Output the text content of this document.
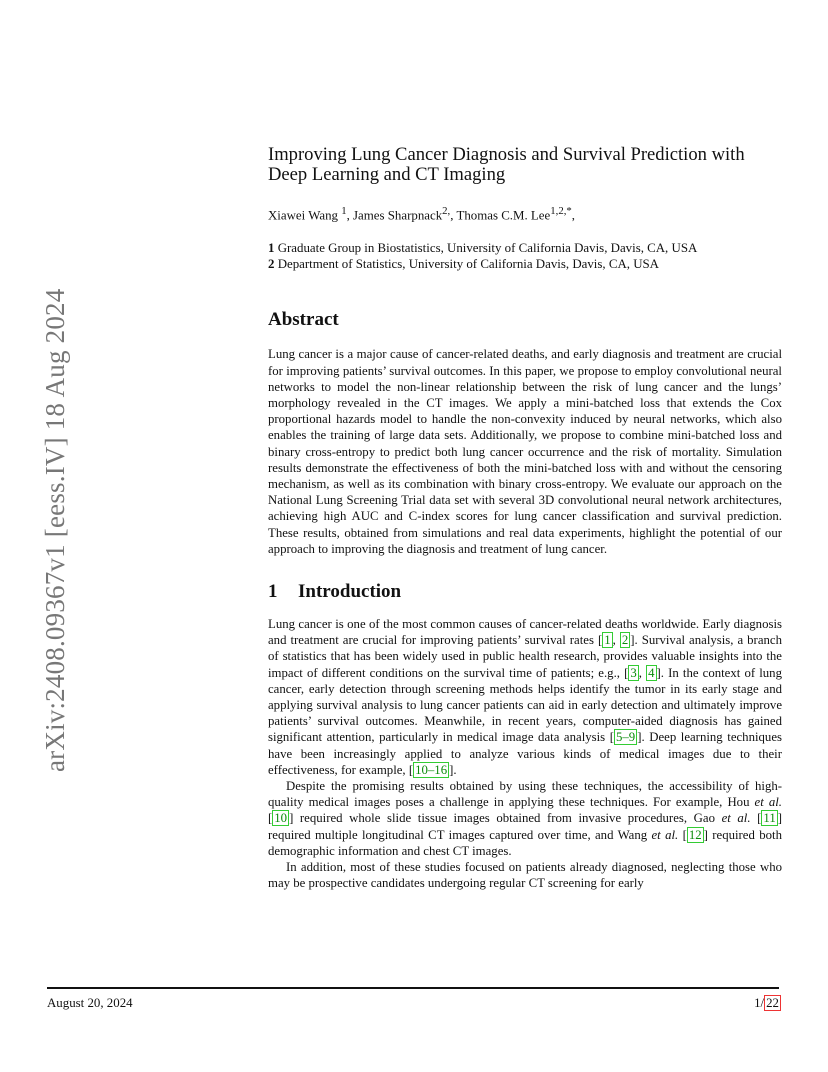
arXiv:2408.09367v1 [eess.IV] 18 Aug 2024
Improving Lung Cancer Diagnosis and Survival Prediction with Deep Learning and CT Imaging
Xiawei Wang $^1$, James Sharpnack$^{2,}$, Thomas C.M. Lee$^{1,2,*}$,
1 Graduate Group in Biostatistics, University of California Davis, Davis, CA, USA
2 Department of Statistics, University of California Davis, Davis, CA, USA
Abstract

Lung cancer is a major cause of cancer-related deaths, and early diagnosis and treatment are crucial for improving patients’ survival outcomes. In this paper, we propose to employ convolutional neural networks to model the non-linear relationship between the risk of lung cancer and the lungs’ morphology revealed in the CT images. We apply a mini-batched loss that extends the Cox proportional hazards model to handle the non-convexity induced by neural networks, which also enables the training of large data sets. Additionally, we propose to combine mini-batched loss and binary cross-entropy to predict both lung cancer occurrence and the risk of mortality. Simulation results demonstrate the effectiveness of both the mini-batched loss with and without the censoring mechanism, as well as its combination with binary cross-entropy. We evaluate our approach on the National Lung Screening Trial data set with several 3D convolutional neural network architectures, achieving high AUC and C-index scores for lung cancer classification and survival prediction. These results, obtained from simulations and real data experiments, highlight the potential of our approach to improving the diagnosis and treatment of lung cancer.

1 Introduction

Lung cancer is one of the most common causes of cancer-related deaths worldwide. Early diagnosis and treatment are crucial for improving patients’ survival rates [ 1 , 2 ]. Survival analysis, a branch of statistics that has been widely used in public health research, provides valuable insights into the impact of different conditions on the survival time of patients; e.g., [ 3 , 4 ]. In the context of lung cancer, early detection through screening methods helps identify the tumor in its early stage and applying survival analysis to lung cancer patients can aid in early detection and ultimately improve patients’ survival outcomes. Meanwhile, in recent years, computer-aided diagnosis has gained significant attention, particularly in medical image data analysis [ 5–9 ]. Deep learning techniques have been increasingly applied to analyze various kinds of medical images due to their effectiveness, for example, [ 10–16 ].

Despite the promising results obtained by using these techniques, the accessibility of high-quality medical images poses a challenge in applying these techniques. For example, Hou et al. [ 10 ] required whole slide tissue images obtained from invasive procedures, Gao et al. [ 11 ] required multiple longitudinal CT images captured over time, and Wang et al. [ 12 ] required both demographic information and chest CT images.

In addition, most of these studies focused on patients already diagnosed, neglecting those who may be prospective candidates undergoing regular CT screening for early

August 20, 2024	1/ 22
